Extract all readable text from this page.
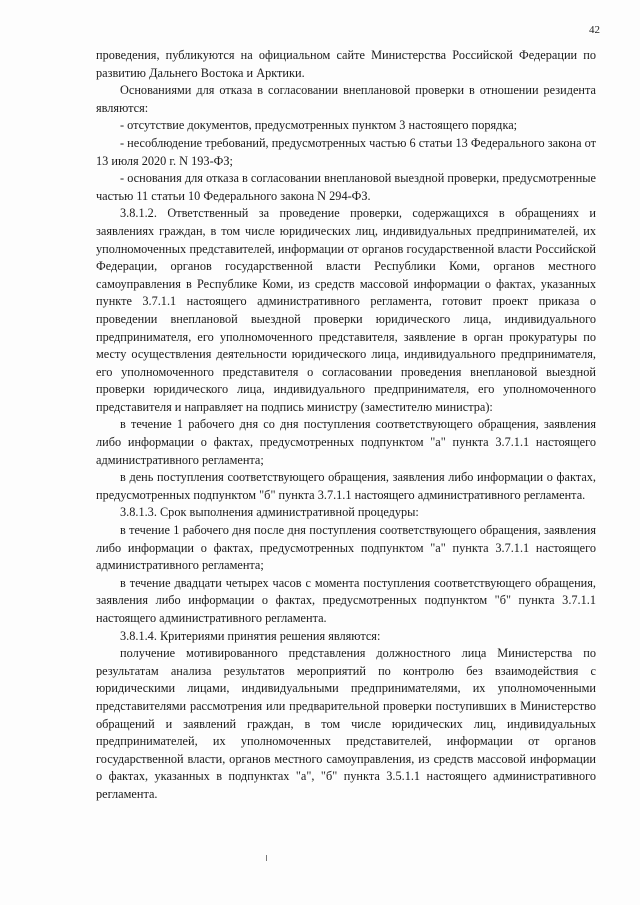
42

проведения, публикуются на официальном сайте Министерства Российской Федерации по развитию Дальнего Востока и Арктики.

Основаниями для отказа в согласовании внеплановой проверки в отношении резидента являются:

- отсутствие документов, предусмотренных пунктом 3 настоящего порядка;

- несоблюдение требований, предусмотренных частью 6 статьи 13 Федерального закона от 13 июля 2020 г. N 193-ФЗ;

- основания для отказа в согласовании внеплановой выездной проверки, предусмотренные частью 11 статьи 10 Федерального закона N 294-ФЗ.

3.8.1.2. Ответственный за проведение проверки, содержащихся в обращениях и заявлениях граждан, в том числе юридических лиц, индивидуальных предпринимателей, их уполномоченных представителей, информации от органов государственной власти Российской Федерации, органов государственной власти Республики Коми, органов местного самоуправления в Республике Коми, из средств массовой информации о фактах, указанных пункте 3.7.1.1 настоящего административного регламента, готовит проект приказа о проведении внеплановой выездной проверки юридического лица, индивидуального предпринимателя, его уполномоченного представителя, заявление в орган прокуратуры по месту осуществления деятельности юридического лица, индивидуального предпринимателя, его уполномоченного представителя о согласовании проведения внеплановой выездной проверки юридического лица, индивидуального предпринимателя, его уполномоченного представителя и направляет на подпись министру (заместителю министра):

в течение 1 рабочего дня со дня поступления соответствующего обращения, заявления либо информации о фактах, предусмотренных подпунктом "а" пункта 3.7.1.1 настоящего административного регламента;

в день поступления соответствующего обращения, заявления либо информации о фактах, предусмотренных подпунктом "б" пункта 3.7.1.1 настоящего административного регламента.

3.8.1.3. Срок выполнения административной процедуры:

в течение 1 рабочего дня после дня поступления соответствующего обращения, заявления либо информации о фактах, предусмотренных подпунктом "а" пункта 3.7.1.1 настоящего административного регламента;

в течение двадцати четырех часов с момента поступления соответствующего обращения, заявления либо информации о фактах, предусмотренных подпунктом "б" пункта 3.7.1.1 настоящего административного регламента.

3.8.1.4. Критериями принятия решения являются:

получение мотивированного представления должностного лица Министерства по результатам анализа результатов мероприятий по контролю без взаимодействия с юридическими лицами, индивидуальными предпринимателями, их уполномоченными представителями рассмотрения или предварительной проверки поступивших в Министерство обращений и заявлений граждан, в том числе юридических лиц, индивидуальных предпринимателей, их уполномоченных представителей, информации от органов государственной власти, органов местного самоуправления, из средств массовой информации о фактах, указанных в подпунктах "а", "б" пункта 3.5.1.1 настоящего административного регламента.
